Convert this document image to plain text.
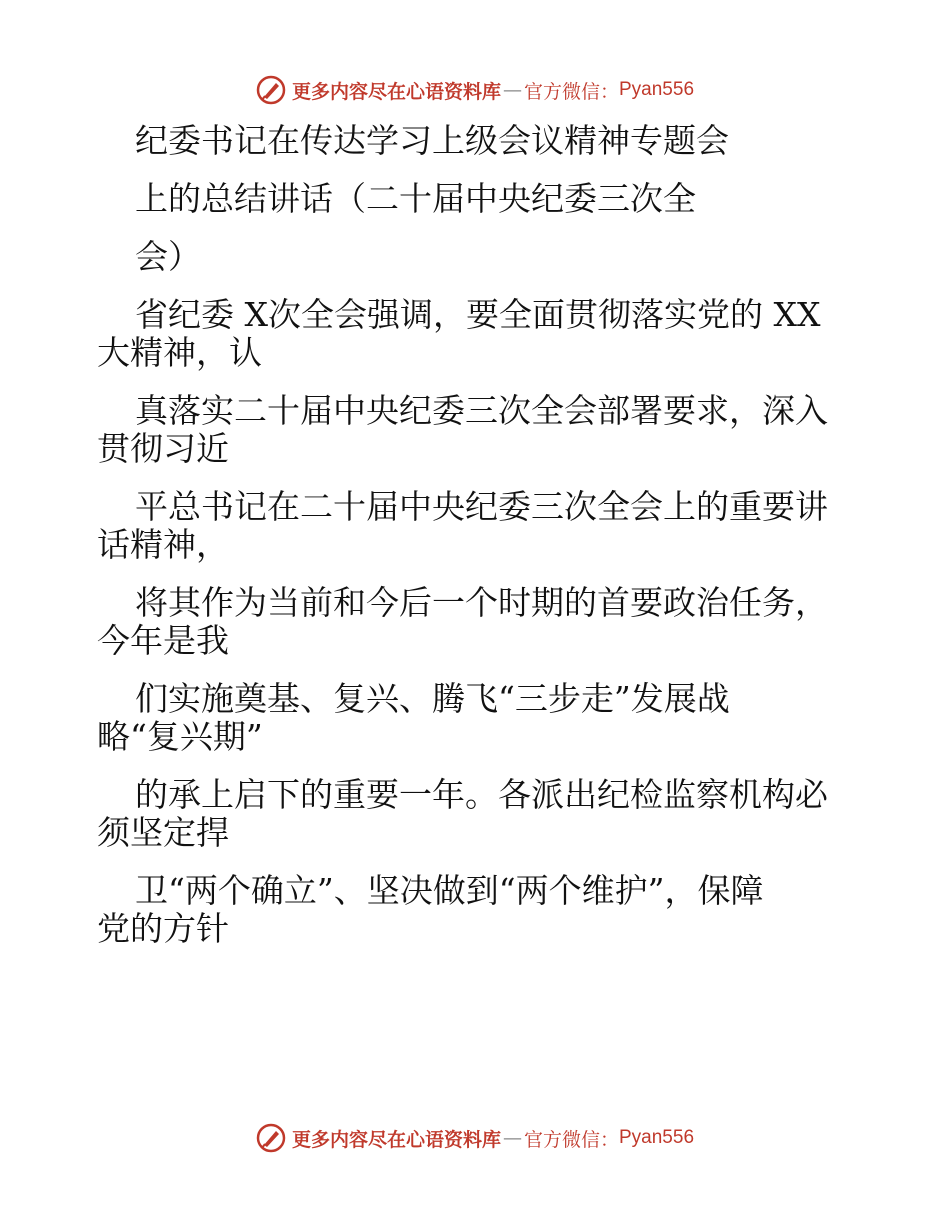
更多内容尽在心语资料库 — 官方微信： Pyan556
纪委书记在传达学习上级会议精神专题会
上的总结讲话（二十届中央纪委三次全
会）
省纪委 X次全会强调，要全面贯彻落实党的 XX
大精神，认
真落实二十届中央纪委三次全会部署要求，深入
贯彻习近
平总书记在二十届中央纪委三次全会上的重要讲
话精神，
将其作为当前和今后一个时期的首要政治任务，
今年是我
们实施奠基、复兴、腾飞“三步走”发展战
略“复兴期”
的承上启下的重要一年。各派出纪检监察机构必
须坚定捍
卫“两个确立”、坚决做到“两个维护”，保障
党的方针
更多内容尽在心语资料库 — 官方微信： Pyan556
